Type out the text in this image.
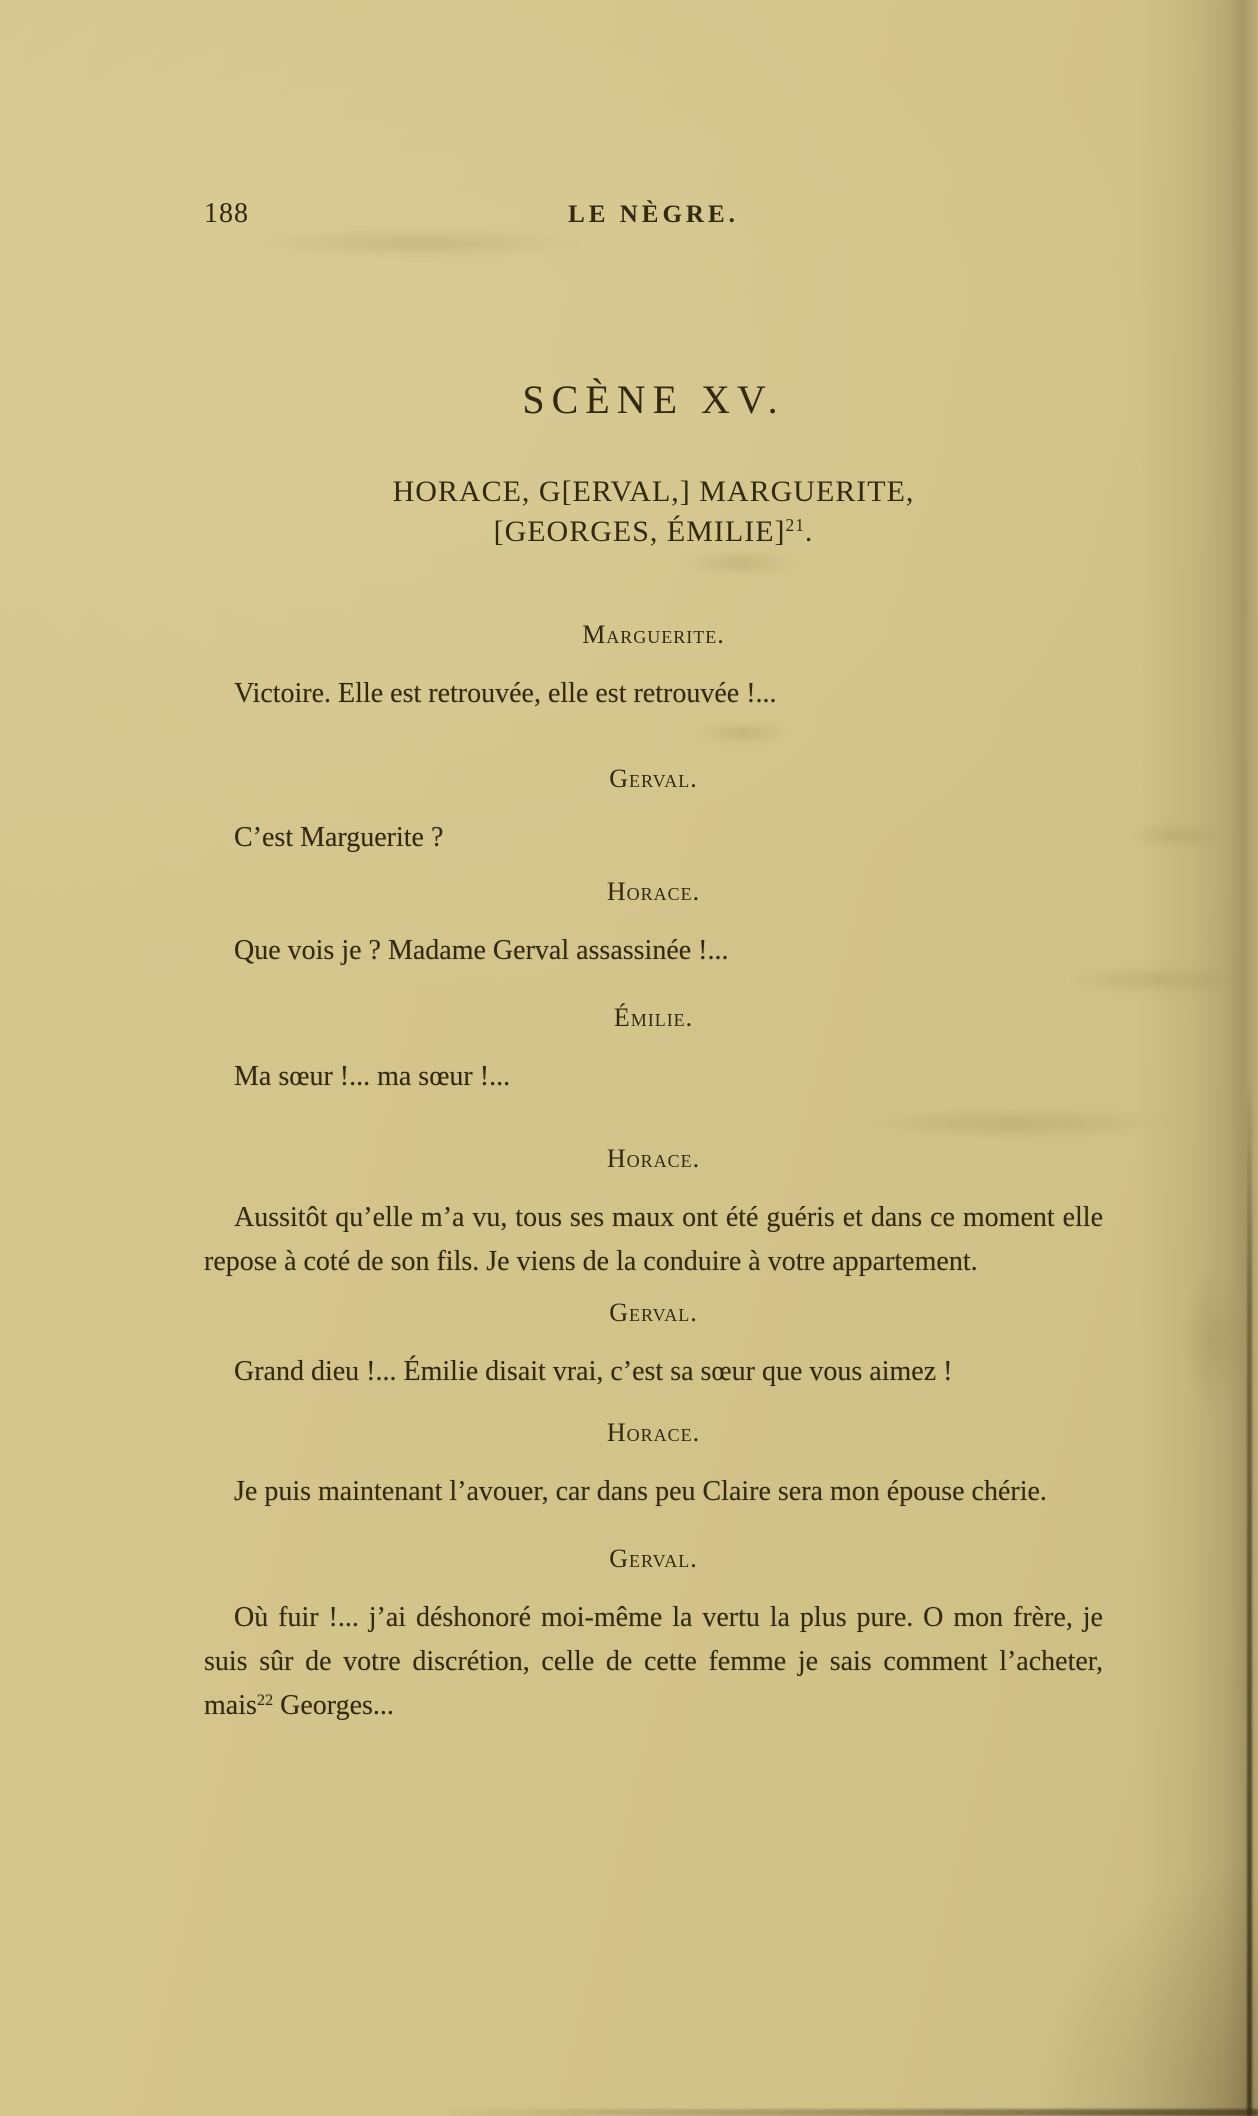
188	LE NÈGRE.
SCÈNE XV.
HORACE, G[ERVAL,] MARGUERITE,
[GEORGES, ÉMILIE]$^{21}$.
Marguerite.

Victoire. Elle est retrouvée, elle est retrouvée !...

Gerval.

C’est Marguerite ?

Horace.

Que vois je ? Madame Gerval assassinée !...

Émilie.

Ma sœur !... ma sœur !...

Horace.

Aussitôt qu’elle m’a vu, tous ses maux ont été guéris et dans ce moment elle repose à coté de son fils. Je viens de la conduire à votre appartement.

Gerval.

Grand dieu !... Émilie disait vrai, c’est sa sœur que vous aimez !

Horace.

Je puis maintenant l’avouer, car dans peu Claire sera mon épouse chérie.

Gerval.

Où fuir !... j’ai déshonoré moi-même la vertu la plus pure. O mon frère, je suis sûr de votre discrétion, celle de cette femme je sais comment l’acheter, mais$^{22}$ Georges...
